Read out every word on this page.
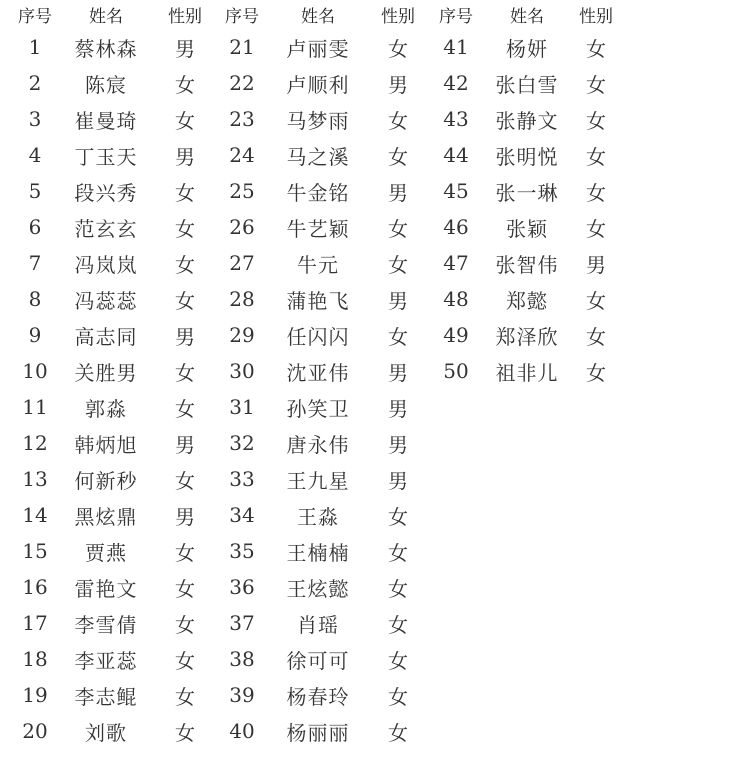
序号	姓名	性别	序号	姓名	性别	序号	姓名	性别
1	蔡林森	男	21	卢丽雯	女	41	杨妍	女
2	陈宸	女	22	卢顺利	男	42	张白雪	女
3	崔曼琦	女	23	马梦雨	女	43	张静文	女
4	丁玉天	男	24	马之溪	女	44	张明悦	女
5	段兴秀	女	25	牛金铭	男	45	张一琳	女
6	范玄玄	女	26	牛艺颖	女	46	张颖	女
7	冯岚岚	女	27	牛元	女	47	张智伟	男
8	冯蕊蕊	女	28	蒲艳飞	男	48	郑懿	女
9	高志同	男	29	任闪闪	女	49	郑泽欣	女
10	关胜男	女	30	沈亚伟	男	50	祖非儿	女
11	郭淼	女	31	孙笑卫	男			
12	韩炳旭	男	32	唐永伟	男			
13	何新秒	女	33	王九星	男			
14	黑炫鼎	男	34	王淼	女			
15	贾燕	女	35	王楠楠	女			
16	雷艳文	女	36	王炫懿	女			
17	李雪倩	女	37	肖瑶	女			
18	李亚蕊	女	38	徐可可	女			
19	李志鲲	女	39	杨春玲	女			
20	刘歌	女	40	杨丽丽	女			
